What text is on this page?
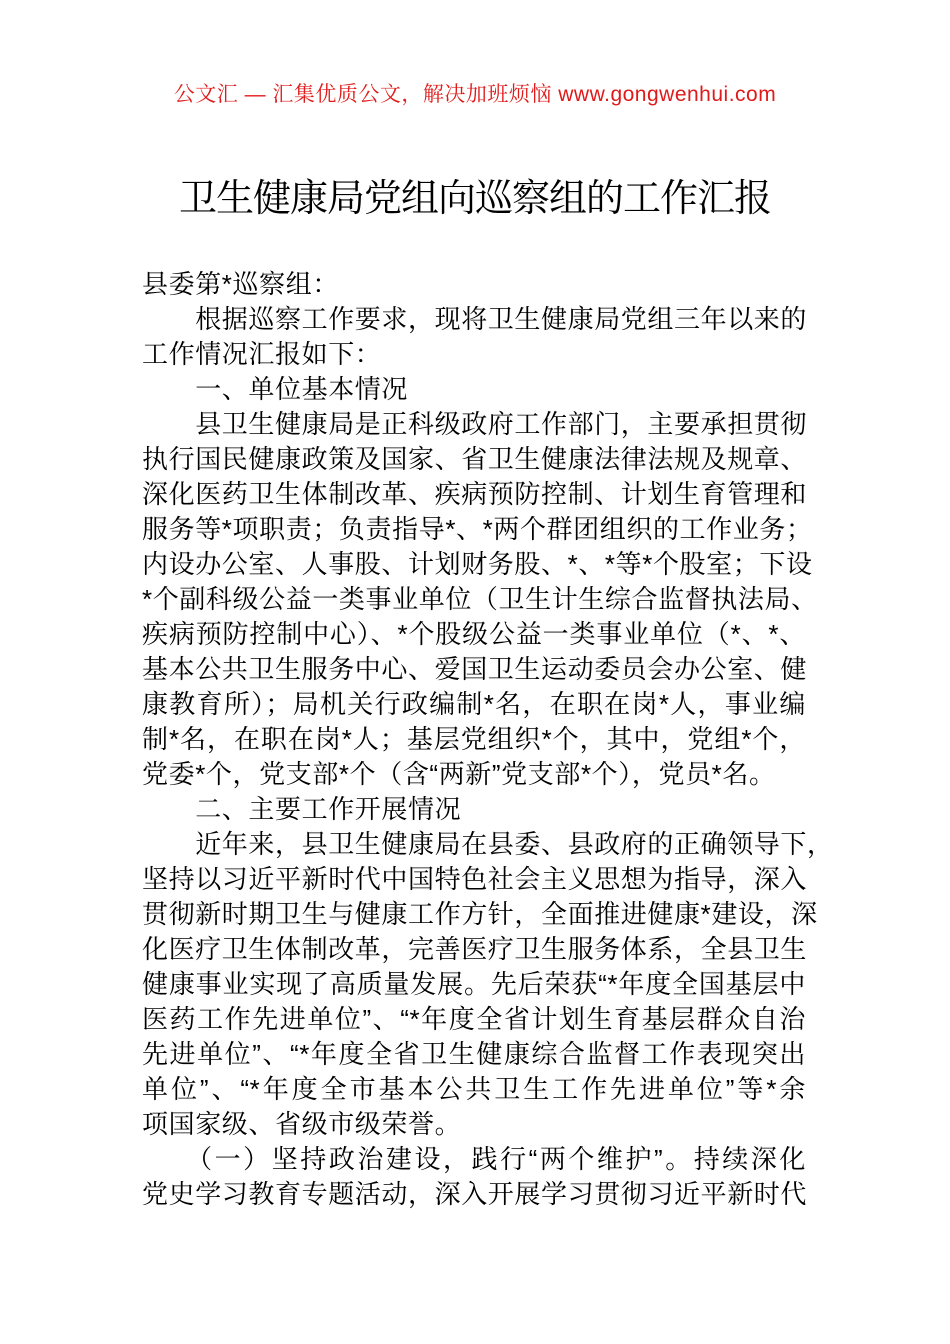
公文汇 — 汇集优质公文，解决加班烦恼 www.gongwenhui.com
卫生健康局党组向巡察组的工作汇报
县委第*巡察组：
　　根据巡察工作要求，现将卫生健康局党组三年以来的
工作情况汇报如下：
　　一、单位基本情况
　　县卫生健康局是正科级政府工作部门，主要承担贯彻
执行国民健康政策及国家、省卫生健康法律法规及规章、
深化医药卫生体制改革、疾病预防控制、计划生育管理和
服务等*项职责；负责指导*、*两个群团组织的工作业务；
内设办公室、人事股、计划财务股、*、*等*个股室；下设
*个副科级公益一类事业单位（卫生计生综合监督执法局、
疾病预防控制中心）、*个股级公益一类事业单位（*、*、
基本公共卫生服务中心、爱国卫生运动委员会办公室、健
康教育所）；局机关行政编制*名，在职在岗*人，事业编
制*名，在职在岗*人；基层党组织*个，其中，党组*个，
党委*个，党支部*个（含“两新”党支部*个），党员*名。
　　二、主要工作开展情况
　　近年来，县卫生健康局在县委、县政府的正确领导下，
坚持以习近平新时代中国特色社会主义思想为指导，深入
贯彻新时期卫生与健康工作方针，全面推进健康*建设，深
化医疗卫生体制改革，完善医疗卫生服务体系，全县卫生
健康事业实现了高质量发展。先后荣获“*年度全国基层中
医药工作先进单位”、“*年度全省计划生育基层群众自治
先进单位”、“*年度全省卫生健康综合监督工作表现突出
单位”、“*年度全市基本公共卫生工作先进单位”等*余
项国家级、省级市级荣誉。
　　（一）坚持政治建设，践行“两个维护”。持续深化
党史学习教育专题活动，深入开展学习贯彻习近平新时代
